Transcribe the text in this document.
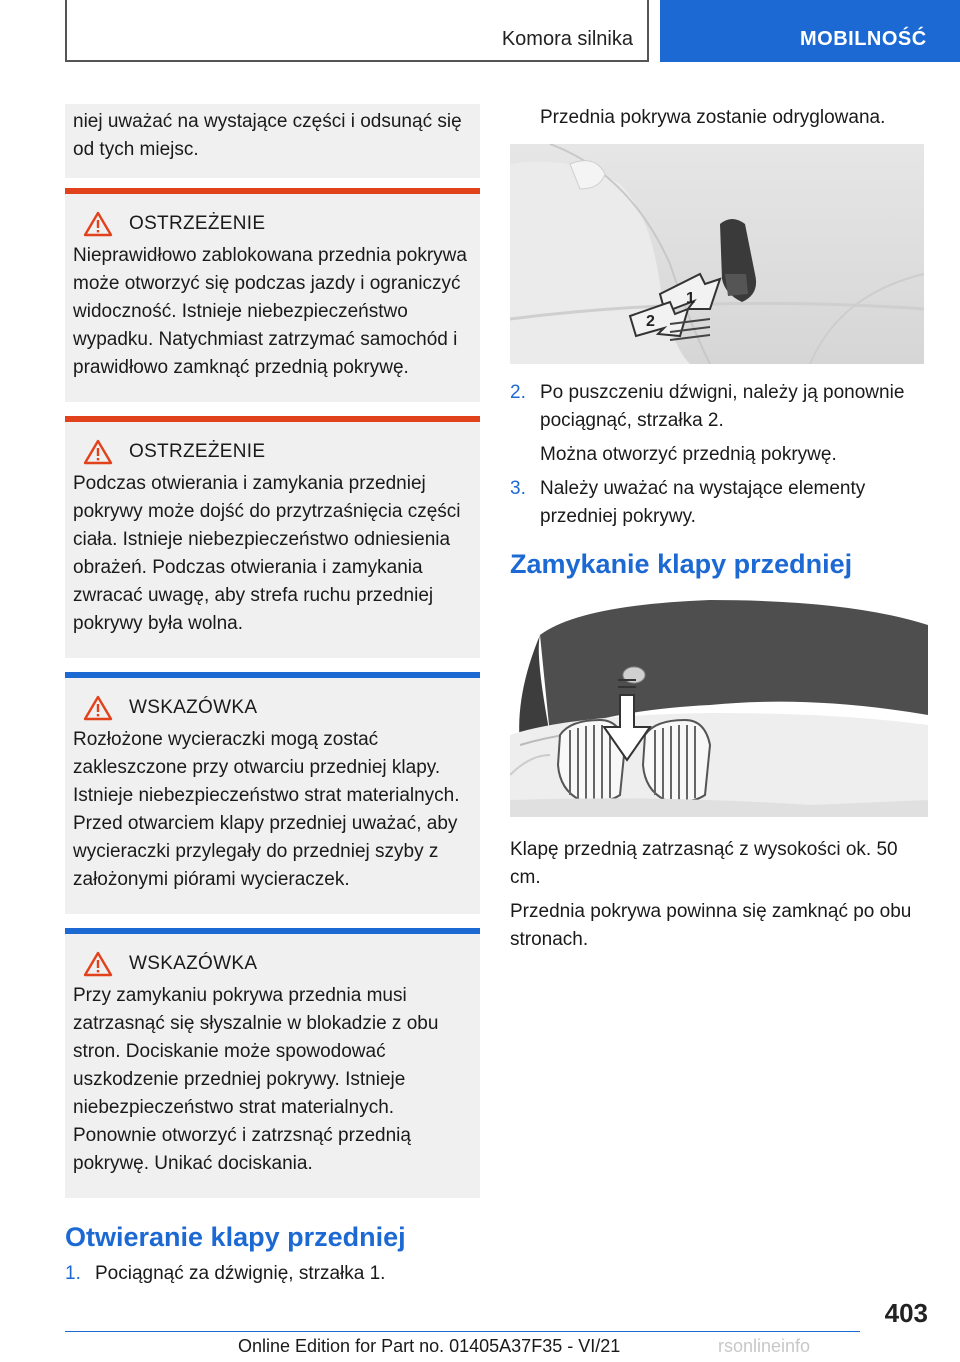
Komora silnika	MOBILNOŚĆ
niej uważać na wystające części i odsunąć się od tych miejsc.
OSTRZEŻENIE

Nieprawidłowo zablokowana przednia pokrywa może otworzyć się podczas jazdy i ograniczyć widoczność. Istnieje niebezpieczeństwo wypadku. Natychmiast zatrzymać samochód i prawidłowo zamknąć przednią pokrywę.

OSTRZEŻENIE

Podczas otwierania i zamykania przedniej pokrywy może dojść do przytrzaśnięcia części ciała. Istnieje niebezpieczeństwo odniesienia obrażeń. Podczas otwierania i zamykania zwracać uwagę, aby strefa ruchu przedniej pokrywy była wolna.

WSKAZÓWKA

Rozłożone wycieraczki mogą zostać zakleszczone przy otwarciu przedniej klapy. Istnieje niebezpieczeństwo strat materialnych. Przed otwarciem klapy przedniej uważać, aby wycieraczki przylegały do przedniej szyby z założonymi piórami wycieraczek.

WSKAZÓWKA

Przy zamykaniu pokrywa przednia musi zatrzasnąć się słyszalnie w blokadzie z obu stron. Dociskanie może spowodować uszkodzenie przedniej pokrywy. Istnieje niebezpieczeństwo strat materialnych. Ponownie otworzyć i zatrzsnąć przednią pokrywę. Unikać dociskania.

Otwieranie klapy przedniej
1. Pociągnąć za dźwignię, strzałka 1.
Przednia pokrywa zostanie odryglowana.
1
2
2. Po puszczeniu dźwigni, należy ją ponownie pociągnąć, strzałka 2.
Można otworzyć przednią pokrywę.
3. Należy uważać na wystające elementy przedniej pokrywy.
Zamykanie klapy przedniej

Klapę przednią zatrzasnąć z wysokości ok. 50 cm.

Przednia pokrywa powinna się zamknąć po obu stronach.

403
Online Edition for Part no. 01405A37F35 - VI/21	rsonlineinfo
